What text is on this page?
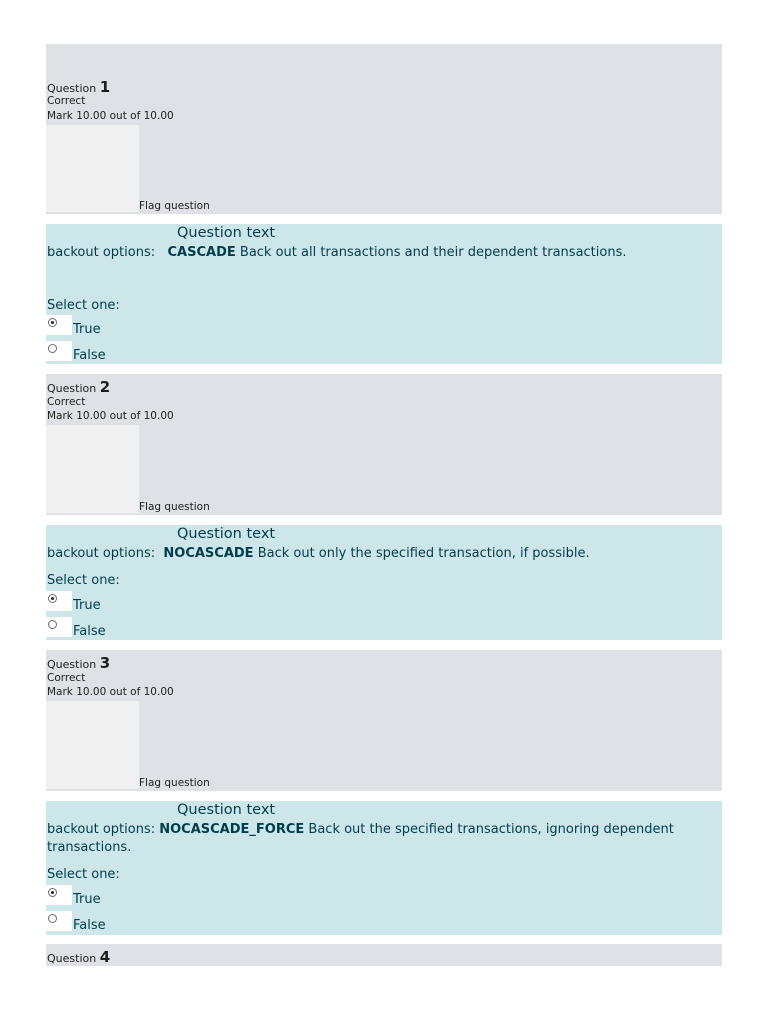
Question 1
Correct
Mark 10.00 out of 10.00
Flag question
Question text
backout options:   CASCADE Back out all transactions and their dependent transactions.
Select one:
True
False
Question 2
Correct
Mark 10.00 out of 10.00
Flag question
Question text
backout options:  NOCASCADE Back out only the specified transaction, if possible.
Select one:
True
False
Question 3
Correct
Mark 10.00 out of 10.00
Flag question
Question text
backout options: NOCASCADE_FORCE Back out the specified transactions, ignoring dependent transactions.
Select one:
True
False
Question 4
